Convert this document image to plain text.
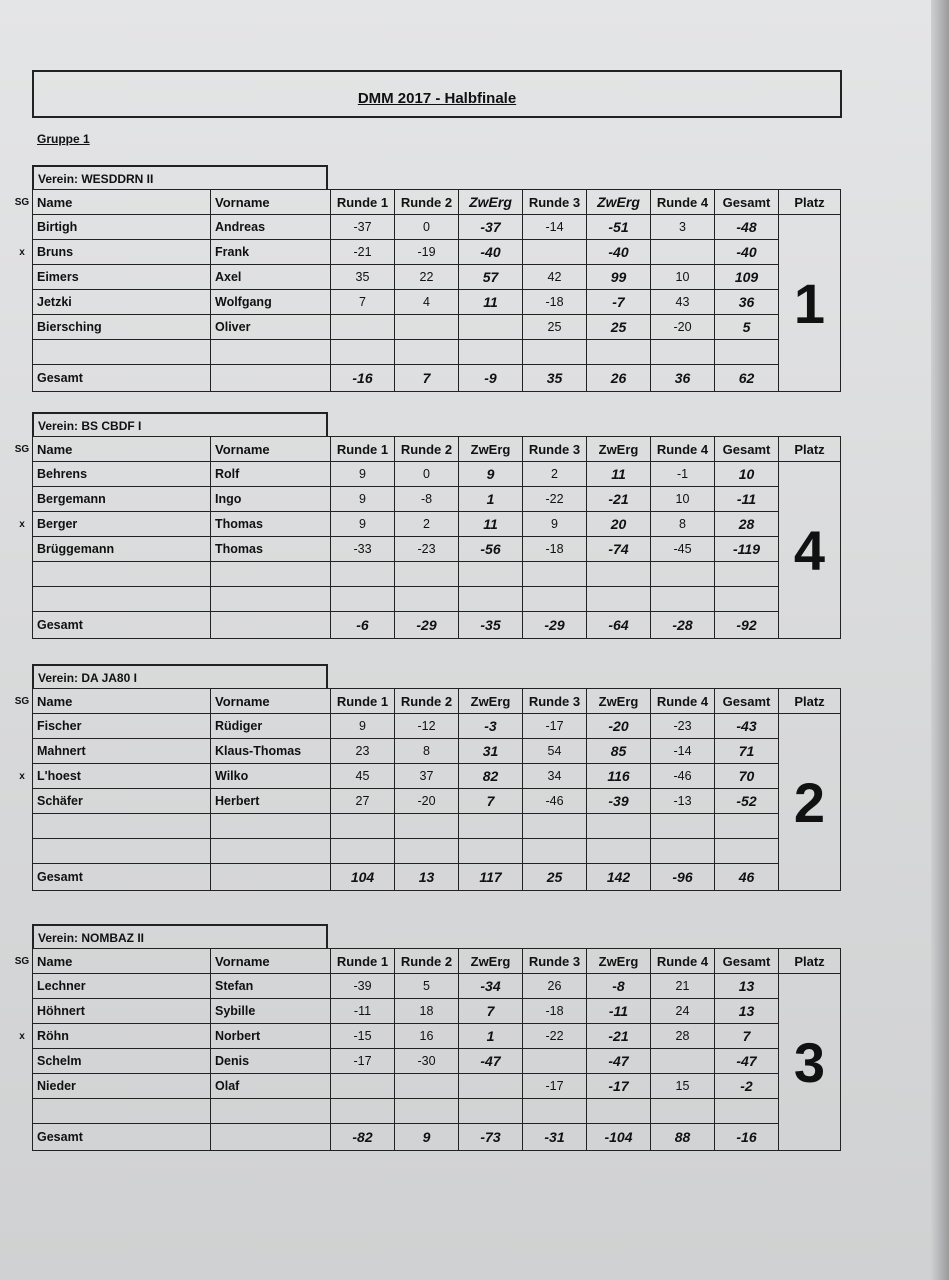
DMM 2017 - Halbfinale
Gruppe 1
Verein: WESDDRN II
Name	Vorname	Runde 1	Runde 2	ZwErg	Runde 3	ZwErg	Runde 4	Gesamt	Platz
Birtigh	Andreas	-37	0	-37	-14	-51	3	-48	1
Bruns	Frank	-21	-19	-40		-40		-40	
Eimers	Axel	35	22	57	42	99	10	109	
Jetzki	Wolfgang	7	4	11	-18	-7	43	36	
Biersching	Oliver				25	25	-20	5	

Gesamt		-16	7	-9	35	26	36	62	
SG
x
Verein: BS CBDF I
Name	Vorname	Runde 1	Runde 2	ZwErg	Runde 3	ZwErg	Runde 4	Gesamt	Platz
Behrens	Rolf	9	0	9	2	11	-1	10	4
Bergemann	Ingo	9	-8	1	-22	-21	10	-11	
Berger	Thomas	9	2	11	9	20	8	28	
Brüggemann	Thomas	-33	-23	-56	-18	-74	-45	-119	

Gesamt		-6	-29	-35	-29	-64	-28	-92	
SG
x
Verein: DA JA80 I
Name	Vorname	Runde 1	Runde 2	ZwErg	Runde 3	ZwErg	Runde 4	Gesamt	Platz
Fischer	Rüdiger	9	-12	-3	-17	-20	-23	-43	2
Mahnert	Klaus-Thomas	23	8	31	54	85	-14	71	
L'hoest	Wilko	45	37	82	34	116	-46	70	
Schäfer	Herbert	27	-20	7	-46	-39	-13	-52	

Gesamt		104	13	117	25	142	-96	46	
SG
x
Verein: NOMBAZ II
Name	Vorname	Runde 1	Runde 2	ZwErg	Runde 3	ZwErg	Runde 4	Gesamt	Platz
Lechner	Stefan	-39	5	-34	26	-8	21	13	3
Höhnert	Sybille	-11	18	7	-18	-11	24	13	
Röhn	Norbert	-15	16	1	-22	-21	28	7	
Schelm	Denis	-17	-30	-47		-47		-47	
Nieder	Olaf				-17	-17	15	-2	

Gesamt		-82	9	-73	-31	-104	88	-16	
SG
x
